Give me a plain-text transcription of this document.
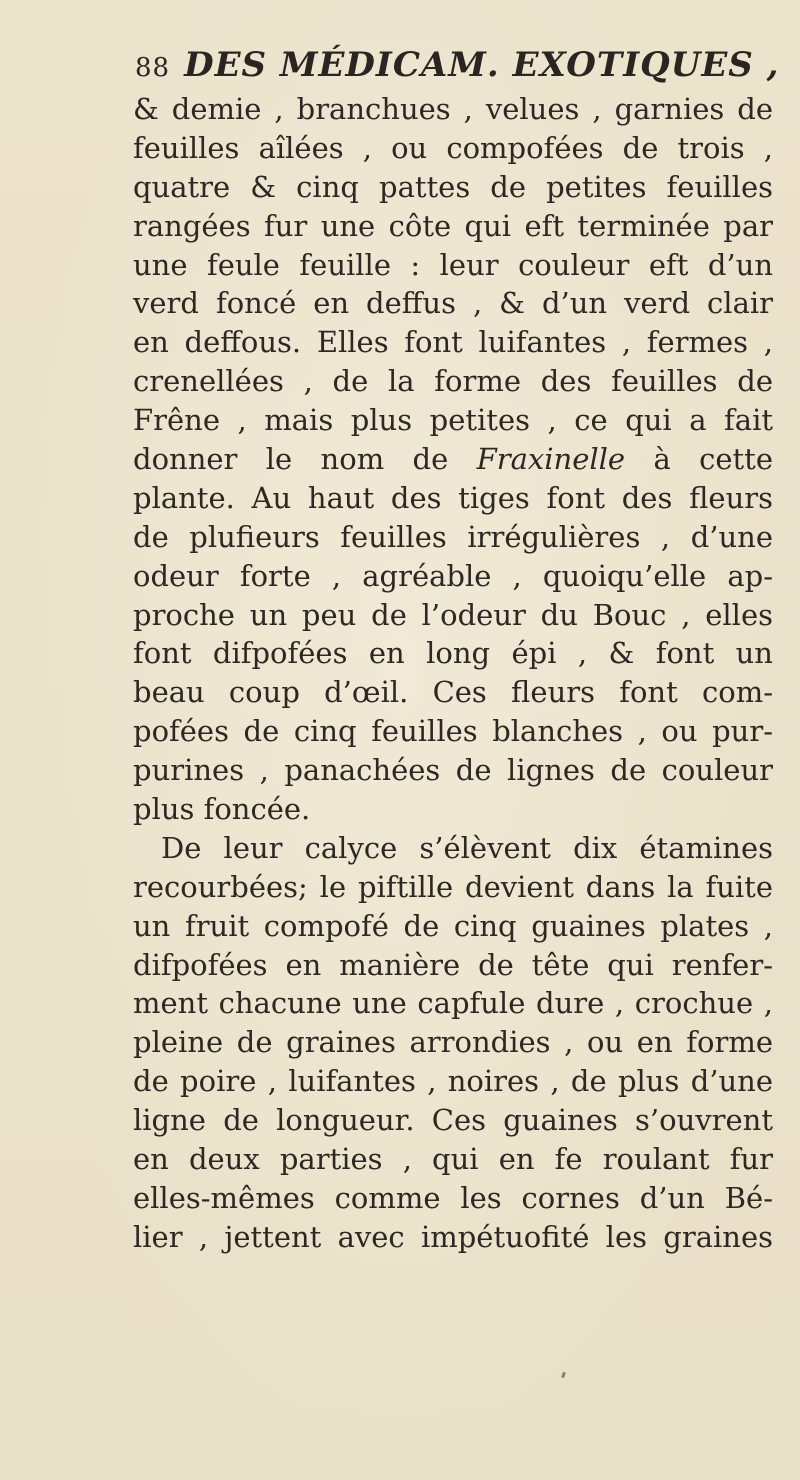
88 DES MÉDICAM. EXOTIQUES ,
& demie , branchues , velues , garnies de
feuilles aîlées , ou compofées de trois ,
quatre & cinq pattes de petites feuilles
rangées fur une côte qui eft terminée par
une feule feuille : leur couleur eft d’un
verd foncé en deffus , & d’un verd clair
en deffous. Elles font luifantes , fermes ,
crenellées , de la forme des feuilles de
Frêne , mais plus petites , ce qui a fait
donner le nom de Fraxinelle à cette
plante. Au haut des tiges font des fleurs
de plufieurs feuilles irrégulières , d’une
odeur forte , agréable , quoiqu’elle ap-
proche un peu de l’odeur du Bouc , elles
font difpofées en long épi , & font un
beau coup d’œil. Ces fleurs font com-
pofées de cinq feuilles blanches , ou pur-
purines , panachées de lignes de couleur
plus foncée.
De leur calyce s’élèvent dix étamines
recourbées; le piftille devient dans la fuite
un fruit compofé de cinq guaines plates ,
difpofées en manière de tête qui renfer-
ment chacune une capfule dure , crochue ,
pleine de graines arrondies , ou en forme
de poire , luifantes , noires , de plus d’une
ligne de longueur. Ces guaines s’ouvrent
en deux parties , qui en fe roulant fur
elles-mêmes comme les cornes d’un Bé-
lier , jettent avec impétuofité les graines
